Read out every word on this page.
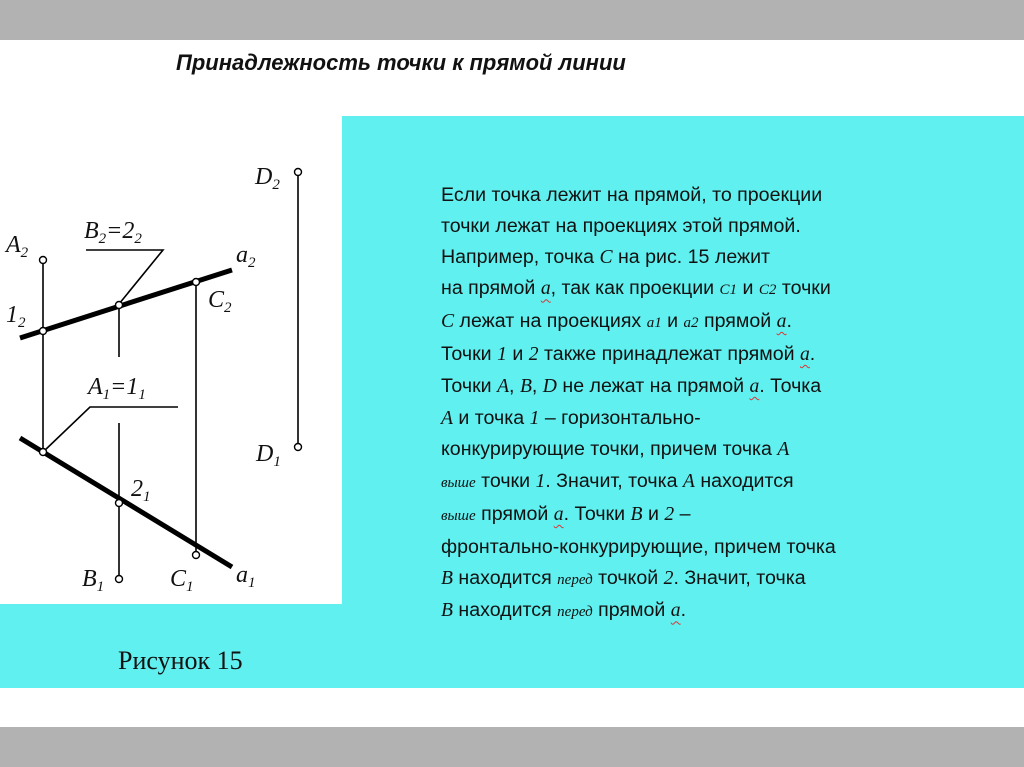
Принадлежность точки к прямой линии
$A_2$
$B_2=2_2$
$a_2$
$1_2$
$C_2$
$D_2$
$A_1=1_1$
$D_1$
$2_1$
$B_1$	$C_1$ $a_1$
Рисунок 15
Если точка лежит на прямой, то проекции
точки лежат на проекциях этой прямой.
Например, точка C на рис. 15 лежит
на прямой a, так как проекции C1 и C2 точки
C лежат на проекциях a1 и a2 прямой a.
Точки 1 и 2 также принадлежат прямой a.
Точки A, B, D не лежат на прямой a. Точка
A и точка 1 – горизонтально-
конкурирующие точки, причем точка A
выше точки 1. Значит, точка A находится
выше прямой a. Точки B и 2 –
фронтально-конкурирующие, причем точка
B находится перед точкой 2. Значит, точка
B находится перед прямой a.
